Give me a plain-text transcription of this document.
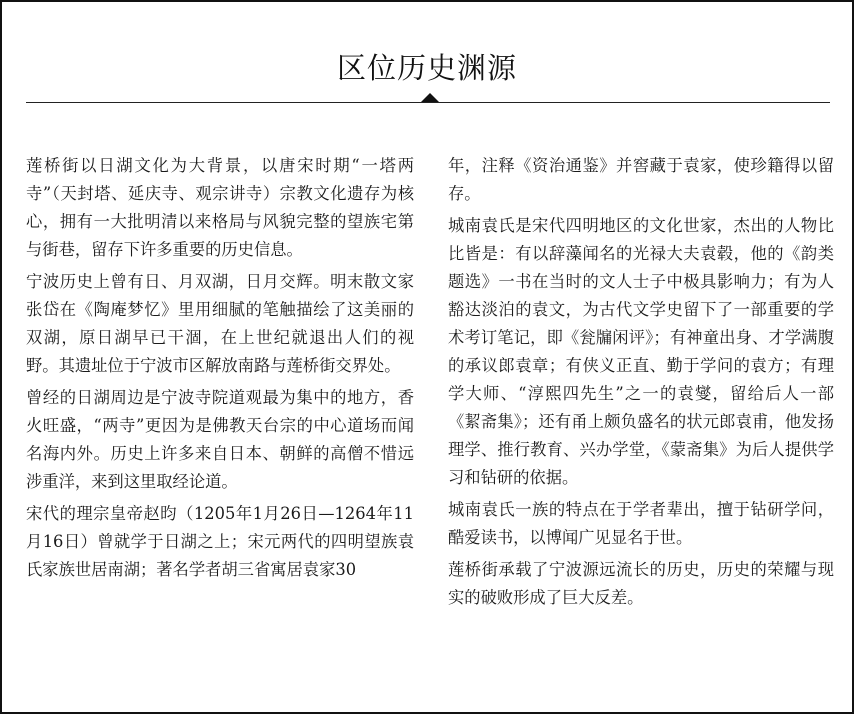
区位历史渊源

莲桥街以日湖文化为大背景，以唐宋时期“一塔两寺”（天封塔、延庆寺、观宗讲寺）宗教文化遗存为核心，拥有一大批明清以来格局与风貌完整的望族宅第与街巷，留存下许多重要的历史信息。

宁波历史上曾有日、月双湖，日月交辉。明末散文家张岱在《陶庵梦忆》里用细腻的笔触描绘了这美丽的双湖，原日湖早已干涸，在上世纪就退出人们的视野。其遗址位于宁波市区解放南路与莲桥街交界处。

曾经的日湖周边是宁波寺院道观最为集中的地方，香火旺盛，“两寺”更因为是佛教天台宗的中心道场而闻名海内外。历史上许多来自日本、朝鲜的高僧不惜远涉重洋，来到这里取经论道。

宋代的理宗皇帝赵昀（1205年1月26日—1264年11月16日）曾就学于日湖之上；宋元两代的四明望族袁氏家族世居南湖；著名学者胡三省寓居袁家30

年，注释《资治通鉴》并窖藏于袁家，使珍籍得以留存。

城南袁氏是宋代四明地区的文化世家，杰出的人物比比皆是：有以辞藻闻名的光禄大夫袁毂，他的《韵类题选》一书在当时的文人士子中极具影响力；有为人豁达淡泊的袁文，为古代文学史留下了一部重要的学术考订笔记，即《瓮牖闲评》；有神童出身、才学满腹的承议郎袁章；有侠义正直、勤于学问的袁方；有理学大师、“淳熙四先生”之一的袁燮，留给后人一部《絜斋集》；还有甬上颇负盛名的状元郎袁甫，他发扬理学、推行教育、兴办学堂，《蒙斋集》为后人提供学习和钻研的依据。

城南袁氏一族的特点在于学者辈出，擅于钻研学问，酷爱读书，以博闻广见显名于世。

莲桥街承载了宁波源远流长的历史，历史的荣耀与现实的破败形成了巨大反差。
